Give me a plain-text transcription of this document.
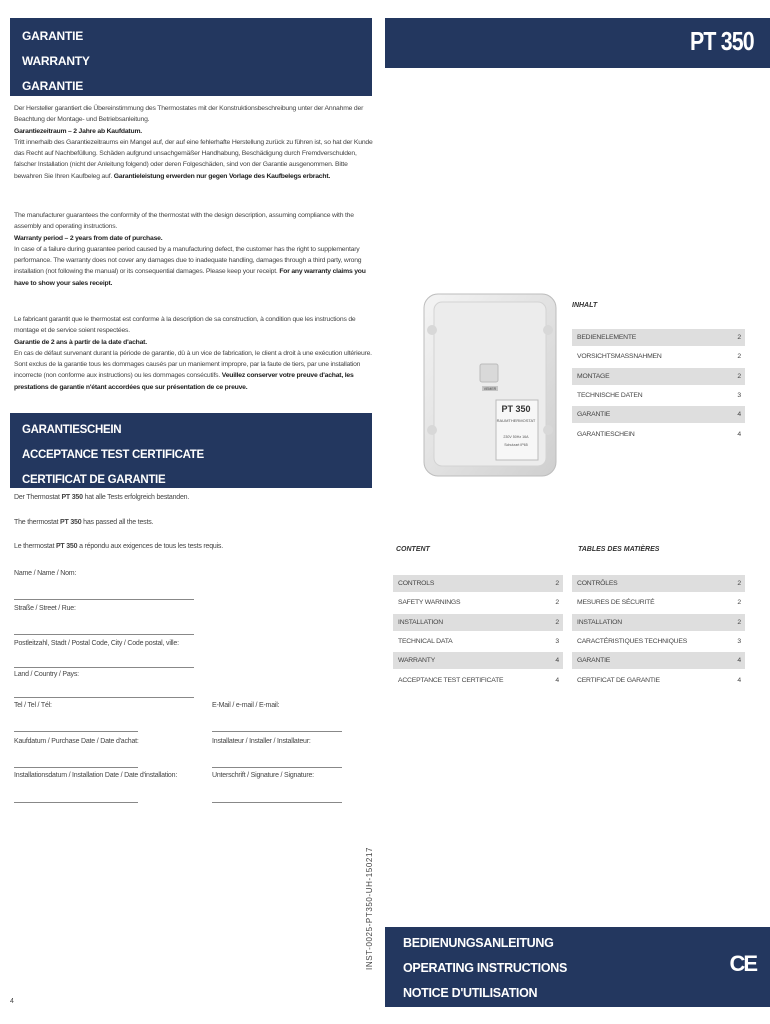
GARANTIE
WARRANTY
GARANTIE
PT 350
Der Hersteller garantiert die Übereinstimmung des Thermostates mit der Konstruktionsbeschreibung unter der Annahme der Beachtung der Montage- und Betriebsanleitung.
Garantiezeitraum – 2 Jahre ab Kaufdatum.
Tritt innerhalb des Garantiezeitraums ein Mangel auf, der auf eine fehlerhafte Herstellung zurück zu führen ist, so hat der Kunde das Recht auf Nachbefüllung. Schäden aufgrund unsachgemäßer Handhabung, Beschädigung durch Fremdverschulden, falscher Installation (nicht der Anleitung folgend) oder deren Folgeschäden, sind von der Garantie ausgenommen. Bitte bewahren Sie Ihren Kaufbeleg auf. Garantieleistung erwerden nur gegen Vorlage des Kaufbelegs erbracht.
The manufacturer guarantees the conformity of the thermostat with the design description, assuming compliance with the assembly and operating instructions.
Warranty period – 2 years from date of purchase.
In case of a failure during guarantee period caused by a manufacturing defect, the customer has the right to supplementary performance. The warranty does not cover any damages due to inadequate handling, damages through a third party, wrong installation (not following the manual) or its consequential damages. Please keep your receipt. For any warranty claims you have to show your sales receipt.
Le fabricant garantit que le thermostat est conforme à la description de sa construction, à condition que les instructions de montage et de service soient respectées.
Garantie de 2 ans à partir de la date d'achat.
En cas de défaut survenant durant la période de garantie, dû à un vice de fabrication, le client a droit à une exécution ultérieure. Sont exclus de la garantie tous les dommages causés par un maniement impropre, par la faute de tiers, par une installation incorrecte (non conforme aux instructions) ou les dommages consécutifs. Veuillez conserver votre preuve d'achat, les prestations de garantie n'étant accordées que sur présentation de ce preuve.
GARANTIESCHEIN
ACCEPTANCE TEST CERTIFICATE
CERTIFICAT DE GARANTIE
Der Thermostat PT 350 hat alle Tests erfolgreich bestanden.
The thermostat PT 350 has passed all the tests.
Le thermostat PT 350 a répondu aux exigences de tous les tests requis.
Name / Name / Nom:
Straße / Street / Rue:
Postleitzahl, Stadt / Postal Code, City / Code postal, ville:
Land / Country / Pays:
Tel / Tel / Tél:	E-Mail / e-mail / E-mail:
Kaufdatum / Purchase Date / Date d'achat:	Installateur / Installer / Installateur:
Installationsdatum / Installation Date / Date d'installation:	Unterschrift / Signature / Signature:
PT 350
RAUMTHERMOSTAT
230V 50Hz 16A
Schutzart IP65
VEMER
INHALT
BEDIENELEMENTE	2
VORSICHTSMASSNAHMEN	2
MONTAGE	2
TECHNISCHE DATEN	3
GARANTIE	4
GARANTIESCHEIN	4
CONTENT	TABLES DES MATIÈRES
CONTROLS	2
SAFETY WARNINGS	2
INSTALLATION	2
TECHNICAL DATA	3
WARRANTY	4
ACCEPTANCE TEST CERTIFICATE	4
CONTRÔLES	2
MESURES DE SÉCURITÉ	2
INSTALLATION	2
CARACTÉRISTIQUES TECHNIQUES	3
GARANTIE	4
CERTIFICAT DE GARANTIE	4
INST-0025-PT350-UH-150217 BEDIENUNGSANLEITUNG
OPERATING INSTRUCTIONS
NOTICE D'UTILISATION
CE
4
